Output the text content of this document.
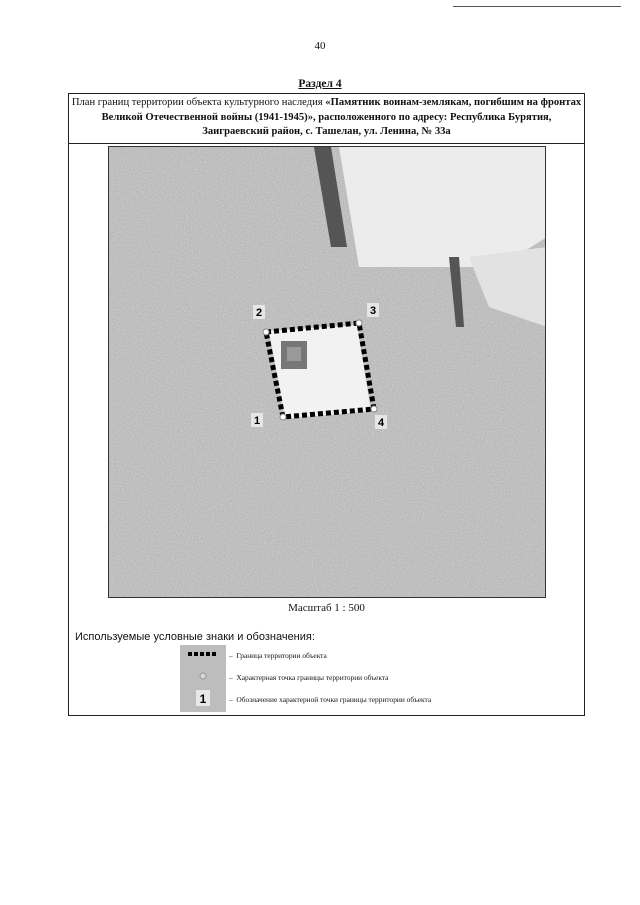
40
Раздел 4
План границ территории объекта культурного наследия «Памятник воинам-землякам, погибшим на фронтах Великой Отечественной войны (1941-1945)», расположенного по адресу: Республика Бурятия, Заиграевский район, с. Ташелан, ул. Ленина, № 33а
1
2	3
4
Масштаб 1 : 500
Используемые условные знаки и обозначения:
1
– Граница территории объекта
– Характерная точка границы территории объекта
– Обозначение характерной точки границы территории объекта
